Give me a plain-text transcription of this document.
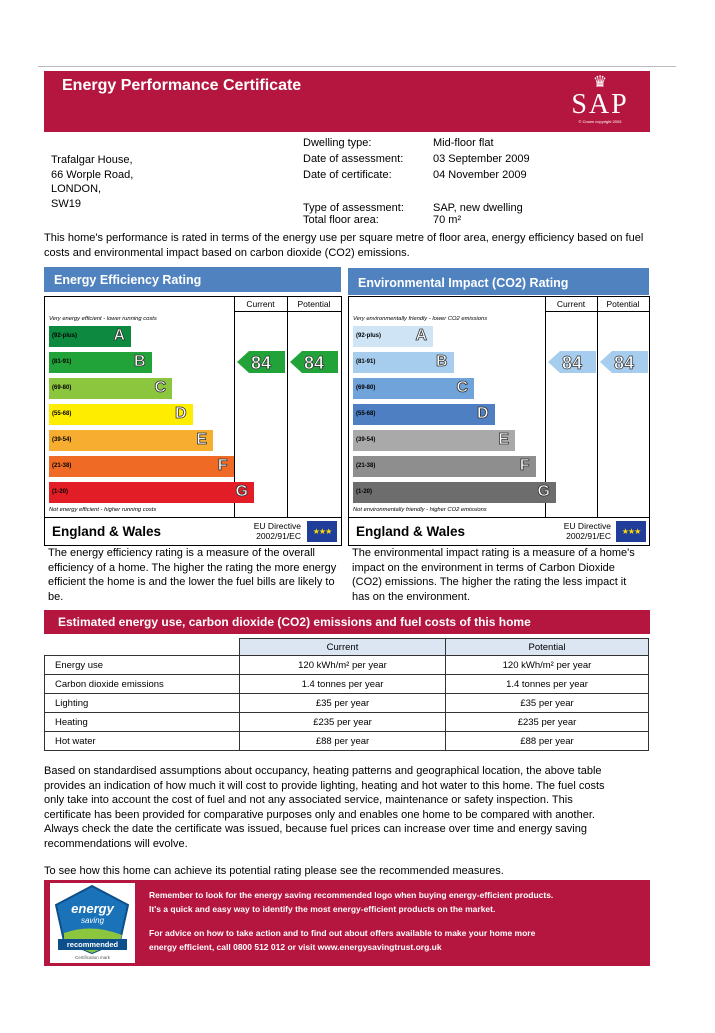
Energy Performance Certificate	♛
SAP
© Crown copyright 2005
Trafalgar House,
66 Worple Road,
LONDON,
SW19
Dwelling type:	Mid-floor flat
Date of assessment:	03 September 2009
Date of certificate:	04 November 2009
Type of assessment:	SAP, new dwelling
Total floor area:	70 m²
This home's performance is rated in terms of the energy use per square metre of floor area, energy efficiency based on fuel costs and environmental impact based on carbon dioxide (CO2) emissions.
Energy Efficiency Rating
Current	Potential
Very energy efficient - lower running costs
Not energy efficient - higher running costs
(92-plus) A
(81-91)	B
(69-80)	C
(55-68)	D
(39-54)	E
(21-38)	F
(1-20)	G
84	84
England & Wales	EU Directive
2002/91/EC	★★★
The energy efficiency rating is a measure of the overall efficiency of a home. The higher the rating the more energy efficient the home is and the lower the fuel bills are likely to be.
Environmental Impact (CO2) Rating
Current	Potential
Very environmentally friendly - lower CO2 emissions
Not environmentally friendly - higher CO2 emissions
(92-plus) A
(81-91)	B
(69-80)	C
(55-68)	D
(39-54)	E
(21-38)	F
(1-20)	G
84	84
England & Wales	EU Directive
2002/91/EC	★★★
The environmental impact rating is a measure of a home's impact on the environment in terms of Carbon Dioxide (CO2) emissions. The higher the rating the less impact it has on the environment.
Estimated energy use, carbon dioxide (CO2) emissions and fuel costs of this home
	Current	Potential
Energy use	120 kWh/m² per year	120 kWh/m² per year
Carbon dioxide emissions	1.4 tonnes per year	1.4 tonnes per year
Lighting	£35 per year	£35 per year
Heating	£235 per year	£235 per year
Hot water	£88 per year	£88 per year
Based on standardised assumptions about occupancy, heating patterns and geographical location, the above table provides an indication of how much it will cost to provide lighting, heating and hot water to this home. The fuel costs only take into account the cost of fuel and not any associated service, maintenance or safety inspection. This certificate has been provided for comparative purposes only and enables one home to be compared with another. Always check the date the certificate was issued, because fuel prices can increase over time and energy saving recommendations will evolve.
To see how this home can achieve its potential rating please see the recommended measures.
energy
saving
recommended
Certification mark
Remember to look for the energy saving recommended logo when buying energy-efficient products.
It's a quick and easy way to identify the most energy-efficient products on the market.
For advice on how to take action and to find out about offers available to make your home more
energy efficient, call 0800 512 012 or visit www.energysavingtrust.org.uk
